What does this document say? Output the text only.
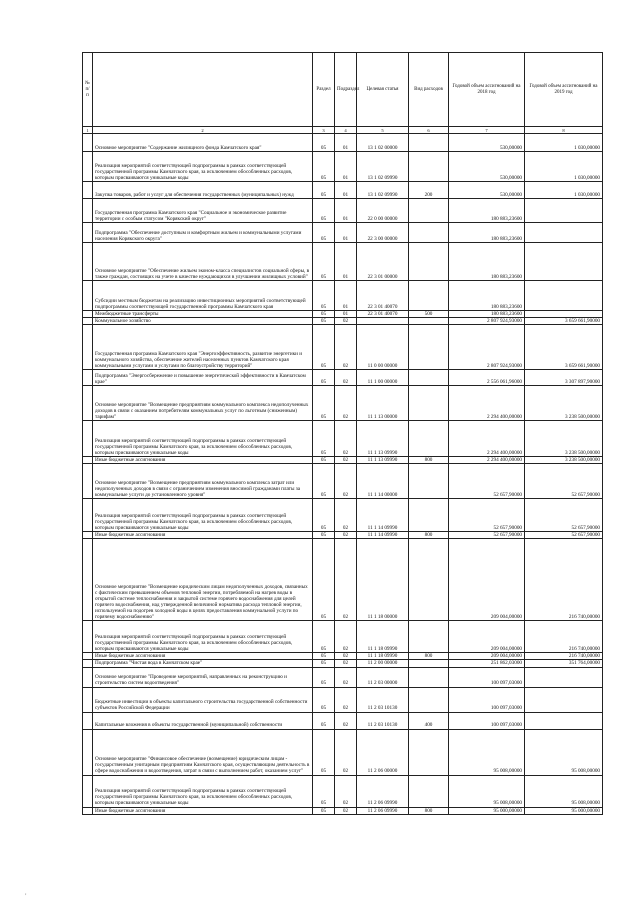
№ п/п		Раздел	Подраздел	Целевая статья	Вид расходов	Годовой объем ассигнований на 2018 год	Годовой объем ассигнований на 2019 год
1	2	3	4	5	6	7	8
	Основное мероприятие "Содержание жилищного фонда Камчатского края"	05	01	13 1 02 00000		530,00000	1 030,00000
	Реализация мероприятий соответствующей подпрограммы в рамках соответствующей государственной программы Камчатского края, за исключением обособленных расходов, которым присваиваются уникальные коды	05	01	13 1 02 09990		530,00000	1 030,00000
	Закупка товаров, работ и услуг для обеспечения государственных (муниципальных) нужд	05	01	13 1 02 09990	200	530,00000	1 030,00000
	Государственная программа Камчатского края "Социальное и экономическое развитие территории с особым статусом "Корякский округ"	05	01	22 0 00 00000		180 883,23600	
	Подпрограмма "Обеспечение доступным и комфортным жильем и коммунальными услугами населения Корякского округа"	05	01	22 3 00 00000		180 883,23600	
	Основное мероприятие "Обеспечение жильем эконом-класса специалистов социальной сферы, в также граждан, состоящих на учете в качестве нуждающихся в улучшении жилищных условий"	05	01	22 3 01 00000		180 883,23600	
	Субсидии местным бюджетам на реализацию инвестиционных мероприятий соответствующей подпрограммы соответствующей государственной программы Камчатского края	05	01	22 3 01 40070		180 883,23600	
	Межбюджетные трансферты	05	01	22 3 01 40070	500	180 883,23600	
	Коммунальное хозяйство	05	02			2 807 924,93000	3 659 661,90000
	Государственная программа Камчатского края "Энергоэффективность, развитие энергетики и коммунального хозяйства, обеспечение жителей населенных пунктов Камчатского края коммунальными услугами и услугами по благоустройству территорий"	05	02	11 0 00 00000		2 807 924,93000	3 659 661,90000
	Подпрограмма "Энергосбережение и повышение энергетической эффективности в Камчатском крае"	05	02	11 1 00 00000		2 556 061,96000	3 307 897,90000
	Основное мероприятие "Возмещение предприятиям коммунального комплекса недополученных доходов в связи с оказанием потребителям коммунальных услуг по льготным (сниженным) тарифам"	05	02	11 1 13 00000		2 294 400,00000	3 238 500,00000
	Реализация мероприятий соответствующей подпрограммы в рамках соответствующей государственной программы Камчатского края, за исключением обособленных расходов, которым присваиваются уникальные коды	05	02	11 1 13 09990		2 294 400,00000	3 238 500,00000
	Иные бюджетные ассигнования	05	02	11 1 13 09990	800	2 294 400,00000	3 238 500,00000
	Основное мероприятие "Возмещение предприятиям коммунального комплекса затрат или недополученных доходов в связи с ограничением изменения вносимой гражданами платы за коммунальные услуги до установленного уровня"	05	02	11 1 14 00000		52 657,90000	52 657,90000
	Реализация мероприятий соответствующей подпрограммы в рамках соответствующей государственной программы Камчатского края, за исключением обособленных расходов, которым присваиваются уникальные коды	05	02	11 1 14 09990		52 657,90000	52 657,90000
	Иные бюджетные ассигнования	05	02	11 1 14 09990	800	52 657,90000	52 657,90000
	Основное мероприятие "Возмещение юридическим лицам недополученных доходов, связанных с фактическим превышением объемов тепловой энергии, потребляемой на нагрев воды в открытой системе теплоснабжения и закрытой системе горячего водоснабжения для целей горячего водоснабжения, над утвержденной величиной норматива расхода тепловой энергии, используемой на подогрев холодной воды в целях предоставления коммунальной услуги по горячему водоснабжению"	05	02	11 1 18 00000		209 004,00000	216 740,00000
	Реализация мероприятий соответствующей подпрограммы в рамках соответствующей государственной программы Камчатского края, за исключением обособленных расходов, которым присваиваются уникальные коды	05	02	11 1 18 09990		209 004,00000	216 740,00000
	Иные бюджетные ассигнования	05	02	11 1 18 09990	800	209 004,00000	216 740,00000
	Подпрограмма "Чистая вода в Камчатском крае"	05	02	11 2 00 00000		251 862,03000	351 764,00000
	Основное мероприятие "Проведение мероприятий, направленных на реконструкцию и строительство систем водоотведения"	05	02	11 2 03 00000		100 097,03000	
	Бюджетные инвестиции в объекты капитального строительства государственной собственности субъектов Российской Федерации	05	02	11 2 03 10130		100 097,03000	
	Капитальные вложения в объекты государственной (муниципальной) собственности	05	02	11 2 03 10130	400	100 097,03000	
	Основное мероприятие "Финансовое обеспечение (возмещение) юридическим лицам - государственным унитарным предприятиям Камчатского края, осуществляющим деятельность в сфере водоснабжения и водоотведения, затрат в связи с выполнением работ, оказанием услуг"	05	02	11 2 06 00000		95 008,00000	95 008,00000
	Реализация мероприятий соответствующей подпрограммы в рамках соответствующей государственной программы Камчатского края, за исключением обособленных расходов, которым присваиваются уникальные коды	05	02	11 2 06 09990		95 008,00000	95 008,00000
	Иные бюджетные ассигнования	05	02	11 2 06 09990	800	95 000,00000	95 000,00000
,
